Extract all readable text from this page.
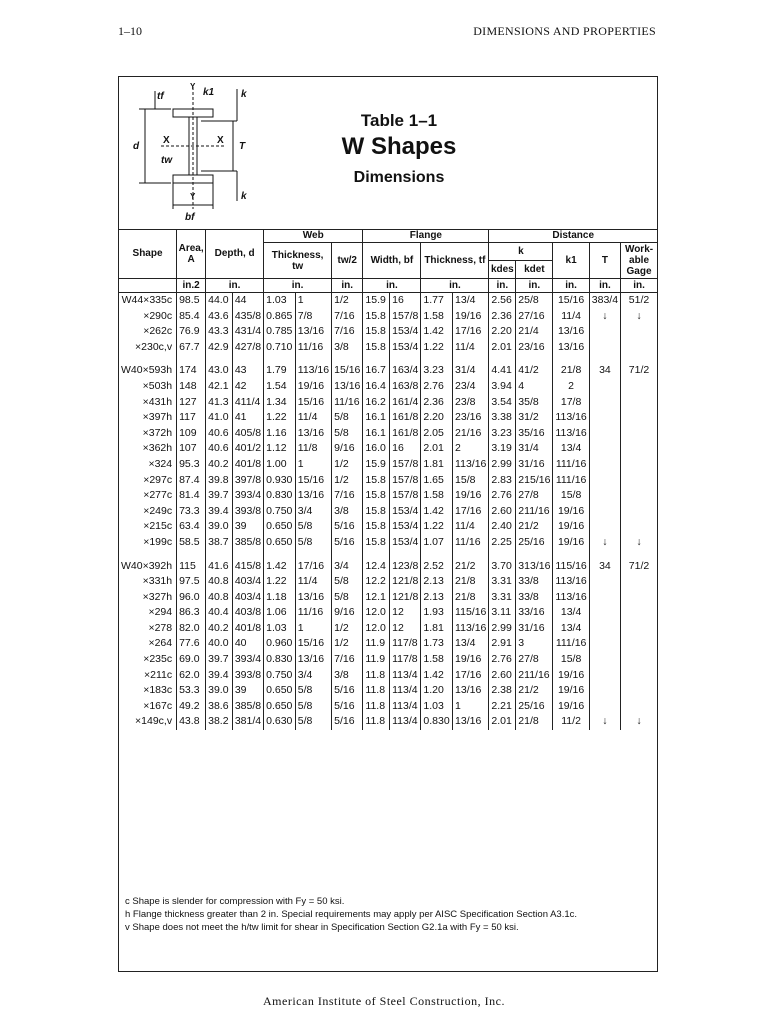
1–10	DIMENSIONS AND PROPERTIES
tf	k1	k
d
X	X
T
tw
bf
k
Y
Y
Table 1–1
W Shapes
Dimensions
Shape	Area, A	Depth, d		Web			Flange				Distance				
				Thickness, tw		tw/2	Width, bf		Thickness, tf		k		k1	T	Work- able Gage
											kdes	kdet			
	in.2	in.		in.		in.	in.		in.		in.	in.	in.	in.	in.
W44×335c	98.5	44.0	44	1.03	1	1/2	15.9	16	1.77	13/4	2.56	25/8	15/16	383/4	51/2
×290c	85.4	43.6	435/8	0.865	7/8	7/16	15.8	157/8	1.58	19/16	2.36	27/16	11/4	↓	↓
×262c	76.9	43.3	431/4	0.785	13/16	7/16	15.8	153/4	1.42	17/16	2.20	21/4	13/16		
×230c,v	67.7	42.9	427/8	0.710	11/16	3/8	15.8	153/4	1.22	11/4	2.01	23/16	13/16		

W40×593h	174	43.0	43	1.79	113/16	15/16	16.7	163/4	3.23	31/4	4.41	41/2	21/8	34	71/2
×503h	148	42.1	42	1.54	19/16	13/16	16.4	163/8	2.76	23/4	3.94	4	2		
×431h	127	41.3	411/4	1.34	15/16	11/16	16.2	161/4	2.36	23/8	3.54	35/8	17/8		
×397h	117	41.0	41	1.22	11/4	5/8	16.1	161/8	2.20	23/16	3.38	31/2	113/16		
×372h	109	40.6	405/8	1.16	13/16	5/8	16.1	161/8	2.05	21/16	3.23	35/16	113/16		
×362h	107	40.6	401/2	1.12	11/8	9/16	16.0	16	2.01	2	3.19	31/4	13/4		
×324	95.3	40.2	401/8	1.00	1	1/2	15.9	157/8	1.81	113/16	2.99	31/16	111/16		
×297c	87.4	39.8	397/8	0.930	15/16	1/2	15.8	157/8	1.65	15/8	2.83	215/16	111/16		
×277c	81.4	39.7	393/4	0.830	13/16	7/16	15.8	157/8	1.58	19/16	2.76	27/8	15/8		
×249c	73.3	39.4	393/8	0.750	3/4	3/8	15.8	153/4	1.42	17/16	2.60	211/16	19/16		
×215c	63.4	39.0	39	0.650	5/8	5/16	15.8	153/4	1.22	11/4	2.40	21/2	19/16		
×199c	58.5	38.7	385/8	0.650	5/8	5/16	15.8	153/4	1.07	11/16	2.25	25/16	19/16	↓	↓

W40×392h	115	41.6	415/8	1.42	17/16	3/4	12.4	123/8	2.52	21/2	3.70	313/16	115/16	34	71/2
×331h	97.5	40.8	403/4	1.22	11/4	5/8	12.2	121/8	2.13	21/8	3.31	33/8	113/16		
×327h	96.0	40.8	403/4	1.18	13/16	5/8	12.1	121/8	2.13	21/8	3.31	33/8	113/16		
×294	86.3	40.4	403/8	1.06	11/16	9/16	12.0	12	1.93	115/16	3.11	33/16	13/4		
×278	82.0	40.2	401/8	1.03	1	1/2	12.0	12	1.81	113/16	2.99	31/16	13/4		
×264	77.6	40.0	40	0.960	15/16	1/2	11.9	117/8	1.73	13/4	2.91	3	111/16		
×235c	69.0	39.7	393/4	0.830	13/16	7/16	11.9	117/8	1.58	19/16	2.76	27/8	15/8		
×211c	62.0	39.4	393/8	0.750	3/4	3/8	11.8	113/4	1.42	17/16	2.60	211/16	19/16		
×183c	53.3	39.0	39	0.650	5/8	5/16	11.8	113/4	1.20	13/16	2.38	21/2	19/16		
×167c	49.2	38.6	385/8	0.650	5/8	5/16	11.8	113/4	1.03	1	2.21	25/16	19/16		
×149c,v	43.8	38.2	381/4	0.630	5/8	5/16	11.8	113/4	0.830	13/16	2.01	21/8	11/2	↓	↓
c Shape is slender for compression with Fy = 50 ksi.
h Flange thickness greater than 2 in. Special requirements may apply per AISC Specification Section A3.1c.
v Shape does not meet the h/tw limit for shear in Specification Section G2.1a with Fy = 50 ksi.
American Institute of Steel Construction, Inc.
